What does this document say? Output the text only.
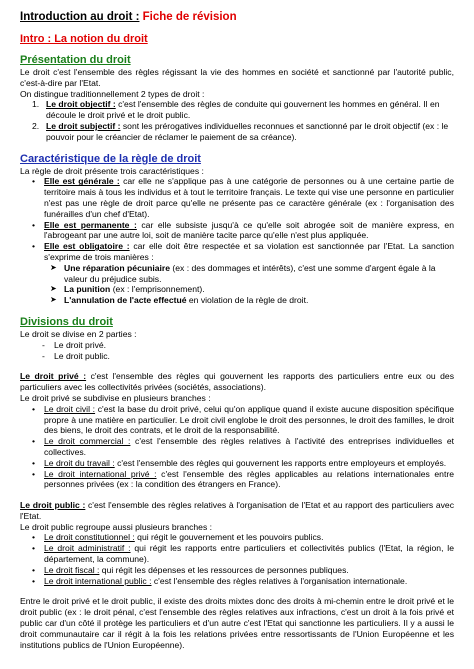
Introduction au droit : Fiche de révision
Intro : La notion du droit
Présentation du droit

Le droit c'est l'ensemble des règles régissant la vie des hommes en société et sanctionné par l'autorité public, c'est-à-dire par l'Etat.

On distingue traditionnellement 2 types de droit :

1. Le droit objectif : c'est l'ensemble des règles de conduite qui gouvernent les hommes en général. Il en découle le droit privé et le droit public.
2. Le droit subjectif : sont les prérogatives individuelles reconnues et sanctionné par le droit objectif (ex : le pouvoir pour le créancier de réclamer le paiement de sa créance).
Caractéristique de la règle de droit

La règle de droit présente trois caractéristiques :

• Elle est générale : car elle ne s'applique pas à une catégorie de personnes ou à une certaine partie de territoire mais à tous les individus et à tout le territoire français. Le texte qui vise une personne en particulier n'est pas une règle de droit parce qu'elle ne présente pas ce caractère générale (ex : l'organisation des funérailles d'un chef d'Etat).
• Elle est permanente : car elle subsiste jusqu'à ce qu'elle soit abrogée soit de manière express, en l'abrogeant par une autre loi, soit de manière tacite parce qu'elle n'est plus appliquée.
• Elle est obligatoire : car elle doit être respectée et sa violation est sanctionnée par l'Etat. La sanction s'exprime de trois manières :
➤ Une réparation pécuniaire (ex : des dommages et intérêts), c'est une somme d'argent égale à la valeur du préjudice subis.
➤ La punition (ex : l'emprisonnement).
➤ L'annulation de l'acte effectué en violation de la règle de droit.
Divisions du droit

Le droit se divise en 2 parties :

- Le droit privé.
- Le droit public.

Le droit privé : c'est l'ensemble des règles qui gouvernent les rapports des particuliers entre eux ou des particuliers avec les collectivités privées (sociétés, associations).

Le droit privé se subdivise en plusieurs branches :

• Le droit civil : c'est la base du droit privé, celui qu'on applique quand il existe aucune disposition spécifique propre à une matière en particulier. Le droit civil englobe le droit des personnes, le droit des familles, le droit des biens, le droit des contrats, et le droit de la responsabilité.
• Le droit commercial : c'est l'ensemble des règles relatives à l'activité des entreprises individuelles et collectives.
• Le droit du travail : c'est l'ensemble des règles qui gouvernent les rapports entre employeurs et employés.
• Le droit international privé : c'est l'ensemble des règles applicables au relations internationales entre personnes privées (ex : la condition des étrangers en France).

Le droit public : c'est l'ensemble des règles relatives à l'organisation de l'Etat et au rapport des particuliers avec l'Etat.

Le droit public regroupe aussi plusieurs branches :

• Le droit constitutionnel : qui régit le gouvernement et les pouvoirs publics.
• Le droit administratif : qui régit les rapports entre particuliers et collectivités publics (l'Etat, la région, le département, la commune).
• Le droit fiscal : qui régit les dépenses et les ressources de personnes publiques.
• Le droit international public : c'est l'ensemble des règles relatives à l'organisation internationale.

Entre le droit privé et le droit public, il existe des droits mixtes donc des droits à mi-chemin entre le droit privé et le droit public (ex : le droit pénal, c'est l'ensemble des règles relatives aux infractions, c'est un droit à la fois privé et public car d'un côté il protège les particuliers et d'un autre c'est l'Etat qui sanctionne les particuliers. Il y a aussi le droit communautaire car il régit à la fois les relations privées entre ressortissants de l'Union Européenne et les institutions publics de l'Union Européenne).
